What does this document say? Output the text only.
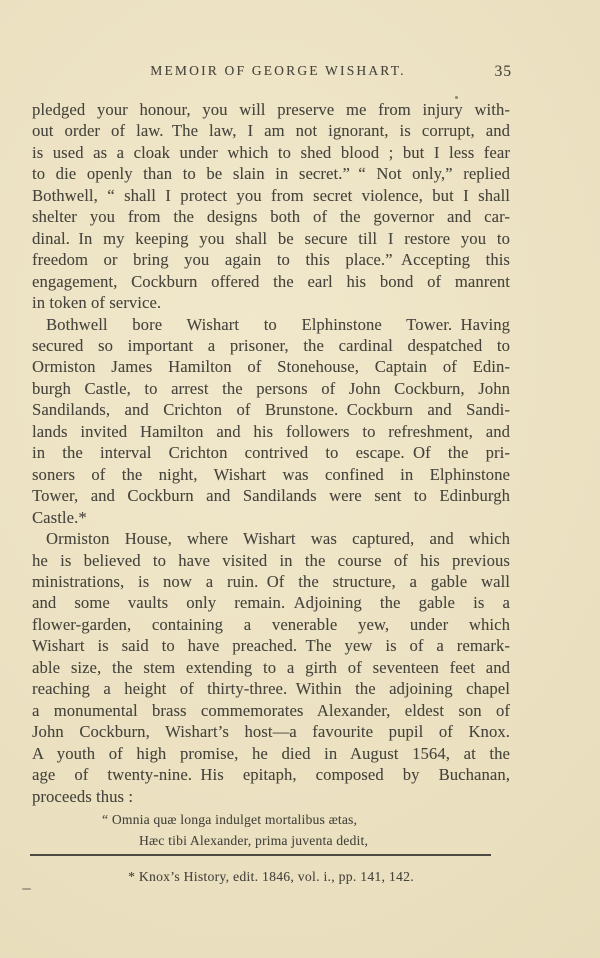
MEMOIR OF GEORGE WISHART.	35
pledged your honour, you will preserve me from injury with-
out order of law. The law, I am not ignorant, is corrupt, and
is used as a cloak under which to shed blood ; but I less fear
to die openly than to be slain in secret.” “ Not only,” replied
Bothwell, “ shall I protect you from secret violence, but I shall
shelter you from the designs both of the governor and car-
dinal. In my keeping you shall be secure till I restore you to
freedom or bring you again to this place.” Accepting this
engagement, Cockburn offered the earl his bond of manrent
in token of service.
Bothwell bore Wishart to Elphinstone Tower. Having
secured so important a prisoner, the cardinal despatched to
Ormiston James Hamilton of Stonehouse, Captain of Edin-
burgh Castle, to arrest the persons of John Cockburn, John
Sandilands, and Crichton of Brunstone. Cockburn and Sandi-
lands invited Hamilton and his followers to refreshment, and
in the interval Crichton contrived to escape. Of the pri-
soners of the night, Wishart was confined in Elphinstone
Tower, and Cockburn and Sandilands were sent to Edinburgh
Castle.*
Ormiston House, where Wishart was captured, and which
he is believed to have visited in the course of his previous
ministrations, is now a ruin. Of the structure, a gable wall
and some vaults only remain. Adjoining the gable is a
flower-garden, containing a venerable yew, under which
Wishart is said to have preached. The yew is of a remark-
able size, the stem extending to a girth of seventeen feet and
reaching a height of thirty-three. Within the adjoining chapel
a monumental brass commemorates Alexander, eldest son of
John Cockburn, Wishart’s host—a favourite pupil of Knox.
A youth of high promise, he died in August 1564, at the
age of twenty-nine. His epitaph, composed by Buchanan,
proceeds thus :
“ Omnia quæ longa indulget mortalibus ætas,
Hæc tibi Alexander, prima juventa dedit,
* Knox’s History, edit. 1846, vol. i., pp. 141, 142.
